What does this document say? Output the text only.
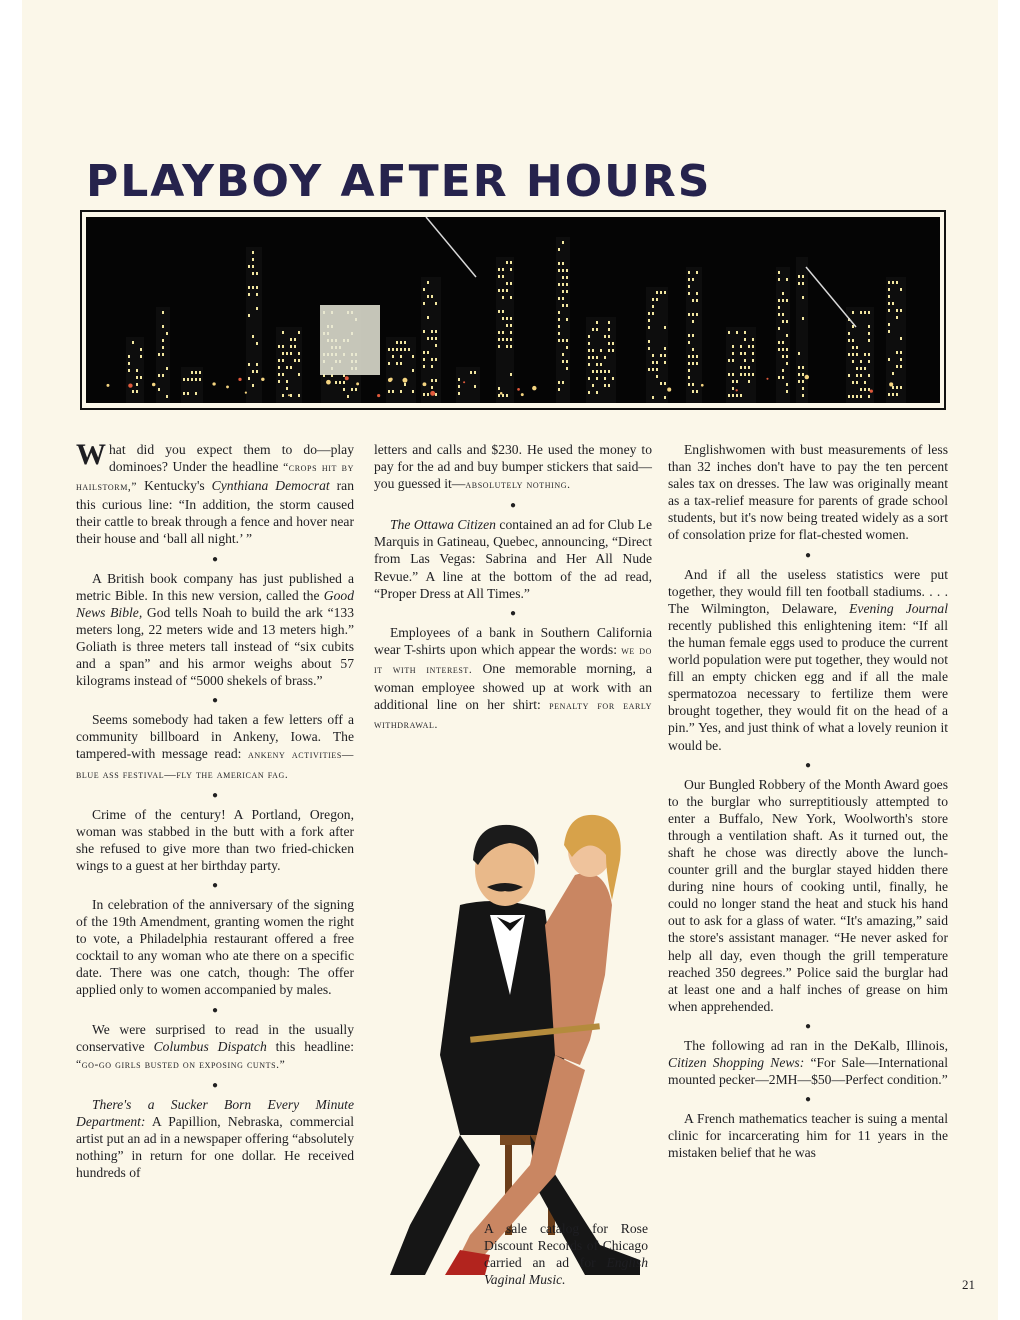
PLAYBOY AFTER HOURS

What did you expect them to do—play dominoes? Under the headline “crops hit by hailstorm,” Kentucky's Cynthiana Democrat ran this curious line: “In addition, the storm caused their cattle to break through a fence and hover near their house and ‘ball all night.’ ”

●

A British book company has just published a metric Bible. In this new version, called the Good News Bible, God tells Noah to build the ark “133 meters long, 22 meters wide and 13 meters high.” Goliath is three meters tall instead of “six cubits and a span” and his armor weighs about 57 kilograms instead of “5000 shekels of brass.”

●

Seems somebody had taken a few letters off a community billboard in Ankeny, Iowa. The tampered-with message read: ankeny activities—blue ass festival—fly the american fag.

●

Crime of the century! A Portland, Oregon, woman was stabbed in the butt with a fork after she refused to give more than two fried-chicken wings to a guest at her birthday party.

●

In celebration of the anniversary of the signing of the 19th Amendment, granting women the right to vote, a Philadelphia restaurant offered a free cocktail to any woman who ate there on a specific date. There was one catch, though: The offer applied only to women accompanied by males.

●

We were surprised to read in the usually conservative Columbus Dispatch this headline: “go-go girls busted on exposing cunts.”

●

There's a Sucker Born Every Minute Department: A Papillion, Nebraska, commercial artist put an ad in a newspaper offering “absolutely nothing” in return for one dollar. He received hundreds of

letters and calls and $230. He used the money to pay for the ad and buy bumper stickers that said—you guessed it—absolutely nothing.

●

The Ottawa Citizen contained an ad for Club Le Marquis in Gatineau, Quebec, announcing, “Direct from Las Vegas: Sabrina and Her All Nude Revue.” A line at the bottom of the ad read, “Proper Dress at All Times.”

●

Employees of a bank in Southern California wear T-shirts upon which appear the words: we do it with interest. One memorable morning, a woman employee showed up at work with an additional line on her shirt: penalty for early withdrawal.

A sale catalog for Rose Discount Records of Chicago carried an ad for English Vaginal Music.

Englishwomen with bust measurements of less than 32 inches don't have to pay the ten percent sales tax on dresses. The law was originally meant as a tax-relief measure for parents of grade school students, but it's now being treated widely as a sort of consolation prize for flat-chested women.

●

And if all the useless statistics were put together, they would fill ten football stadiums. . . . The Wilmington, Delaware, Evening Journal recently published this enlightening item: “If all the human female eggs used to produce the current world population were put together, they would not fill an empty chicken egg and if all the male spermatozoa necessary to fertilize them were brought together, they would fit on the head of a pin.” Yes, and just think of what a lovely reunion it would be.

●

Our Bungled Robbery of the Month Award goes to the burglar who surreptitiously attempted to enter a Buffalo, New York, Woolworth's store through a ventilation shaft. As it turned out, the shaft he chose was directly above the lunch-counter grill and the burglar stayed hidden there during nine hours of cooking until, finally, he could no longer stand the heat and stuck his hand out to ask for a glass of water. “It's amazing,” said the store's assistant manager. “He never asked for help all day, even though the grill temperature reached 350 degrees.” Police said the burglar had at least one and a half inches of grease on him when apprehended.

●

The following ad ran in the DeKalb, Illinois, Citizen Shopping News: “For Sale—International mounted pecker—2MH—$50—Perfect condition.”

●

A French mathematics teacher is suing a mental clinic for incarcerating him for 11 years in the mistaken belief that he was

21
